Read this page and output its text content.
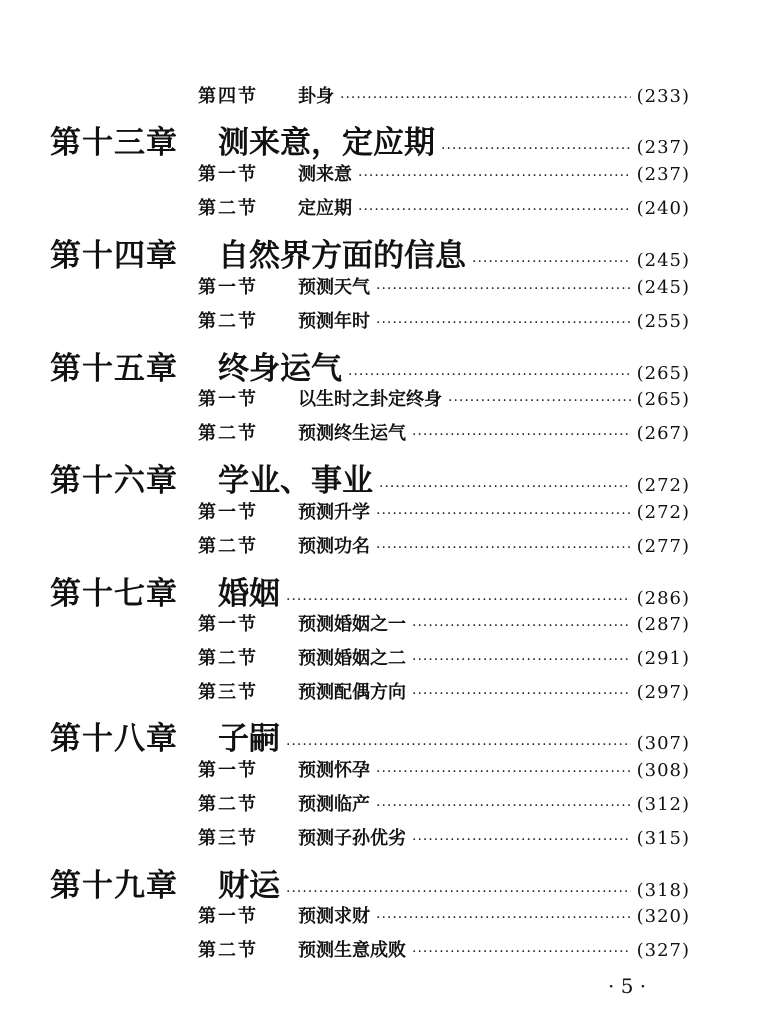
第四节	卦身 ·····	(233)
第十三章 测来意，定应期 ·····	(237)
第一节	测来意 ·····	(237)
第二节	定应期 ·····	(240)
第十四章 自然界方面的信息 ·····	(245)
第一节	预测天气 ·····	(245)
第二节	预测年时 ·····	(255)
第十五章 终身运气 ·····	(265)
第一节	以生时之卦定终身 ·····	(265)
第二节	预测终生运气 ·····	(267)
第十六章 学业、事业 ·····	(272)
第一节	预测升学 ·····	(272)
第二节	预测功名 ·····	(277)
第十七章 婚姻 ·····	(286)
第一节	预测婚姻之一 ·····	(287)
第二节	预测婚姻之二 ·····	(291)
第三节	预测配偶方向 ·····	(297)
第十八章 子嗣 ·····	(307)
第一节	预测怀孕 ·····	(308)
第二节	预测临产 ·····	(312)
第三节	预测子孙优劣 ·····	(315)
第十九章 财运 ·····	(318)
第一节	预测求财 ·····	(320)
第二节	预测生意成败 ·····	(327)
· 5 ·
